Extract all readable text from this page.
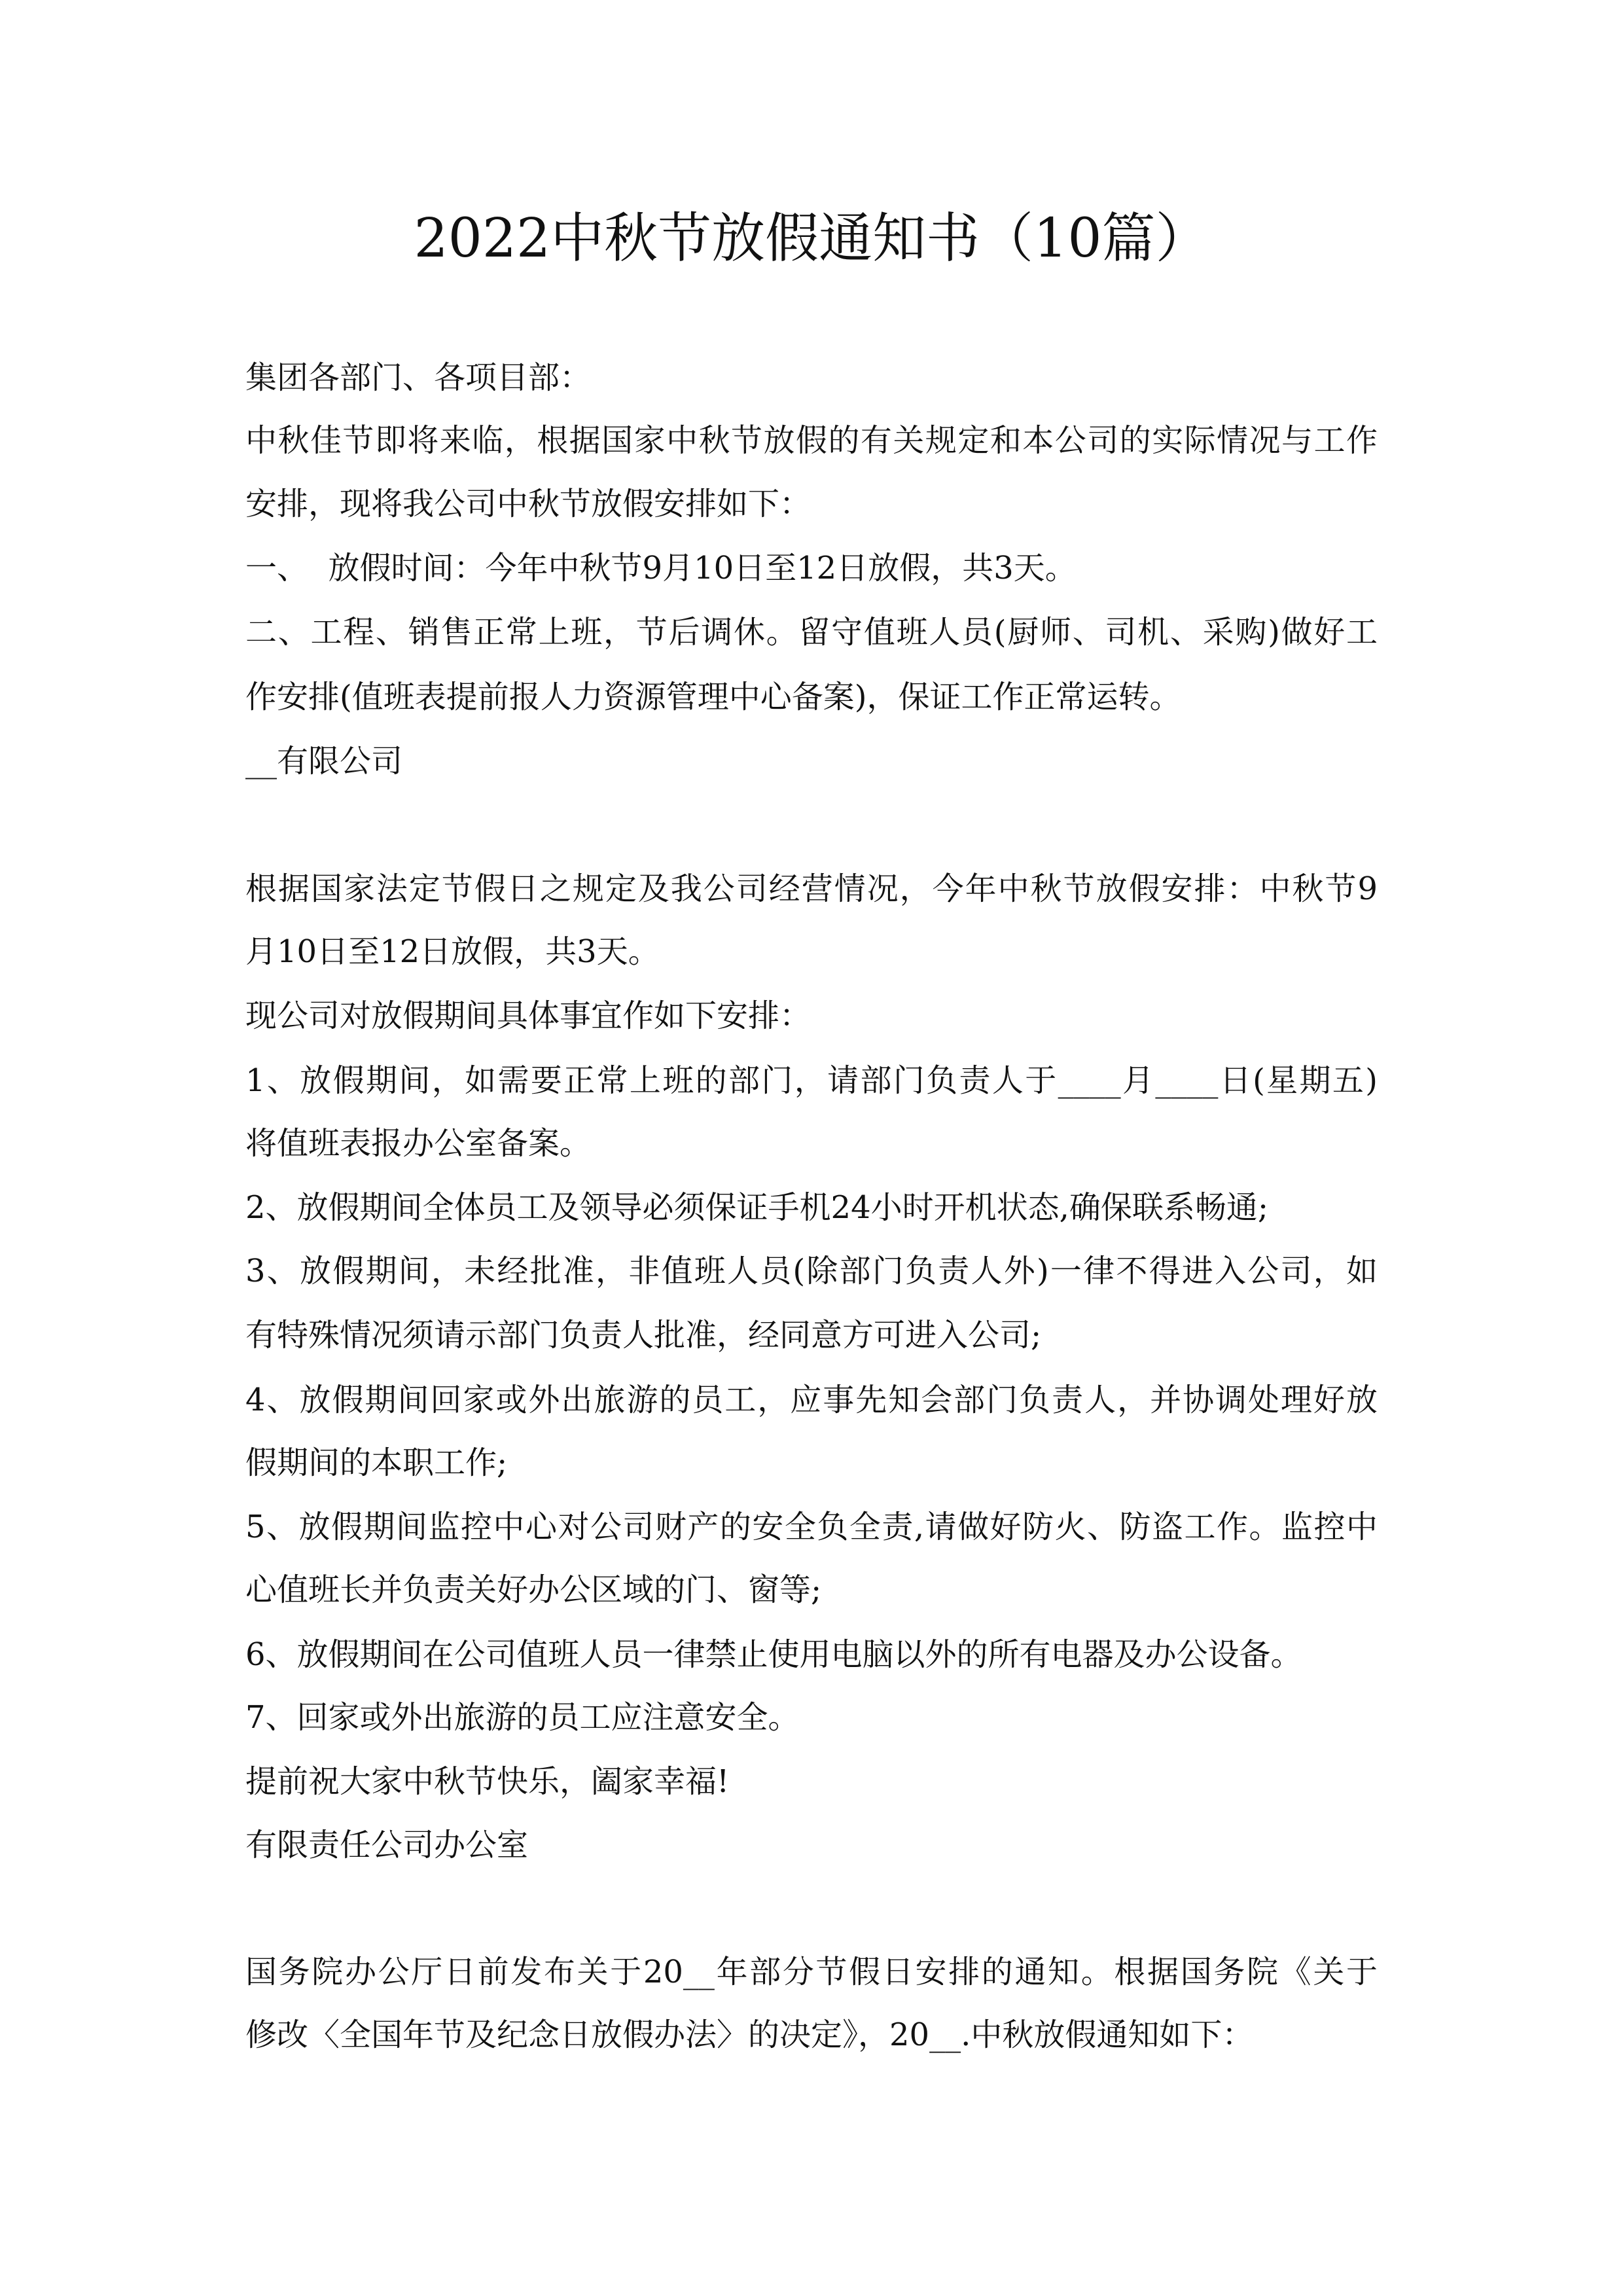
2022中秋节放假通知书（10篇）
集团各部门、各项目部：
中秋佳节即将来临，根据国家中秋节放假的有关规定和本公司的实际情况与工作
安排，现将我公司中秋节放假安排如下：
一、  放假时间：今年中秋节9月10日至12日放假，共3天。
二、工程、销售正常上班，节后调休。留守值班人员(厨师、司机、采购)做好工
作安排(值班表提前报人力资源管理中心备案)，保证工作正常运转。
__有限公司
根据国家法定节假日之规定及我公司经营情况，今年中秋节放假安排：中秋节9
月10日至12日放假，共3天。
现公司对放假期间具体事宜作如下安排：
1、放假期间，如需要正常上班的部门，请部门负责人于____月____日(星期五)
将值班表报办公室备案。
2、放假期间全体员工及领导必须保证手机24小时开机状态,确保联系畅通;
3、放假期间，未经批准，非值班人员(除部门负责人外)一律不得进入公司，如
有特殊情况须请示部门负责人批准，经同意方可进入公司;
4、放假期间回家或外出旅游的员工，应事先知会部门负责人，并协调处理好放
假期间的本职工作;
5、放假期间监控中心对公司财产的安全负全责,请做好防火、防盗工作。监控中
心值班长并负责关好办公区域的门、窗等;
6、放假期间在公司值班人员一律禁止使用电脑以外的所有电器及办公设备。
7、回家或外出旅游的员工应注意安全。
提前祝大家中秋节快乐，阖家幸福!
有限责任公司办公室
国务院办公厅日前发布关于20__年部分节假日安排的通知。根据国务院《关于
修改〈全国年节及纪念日放假办法〉的决定》，20__.中秋放假通知如下：
